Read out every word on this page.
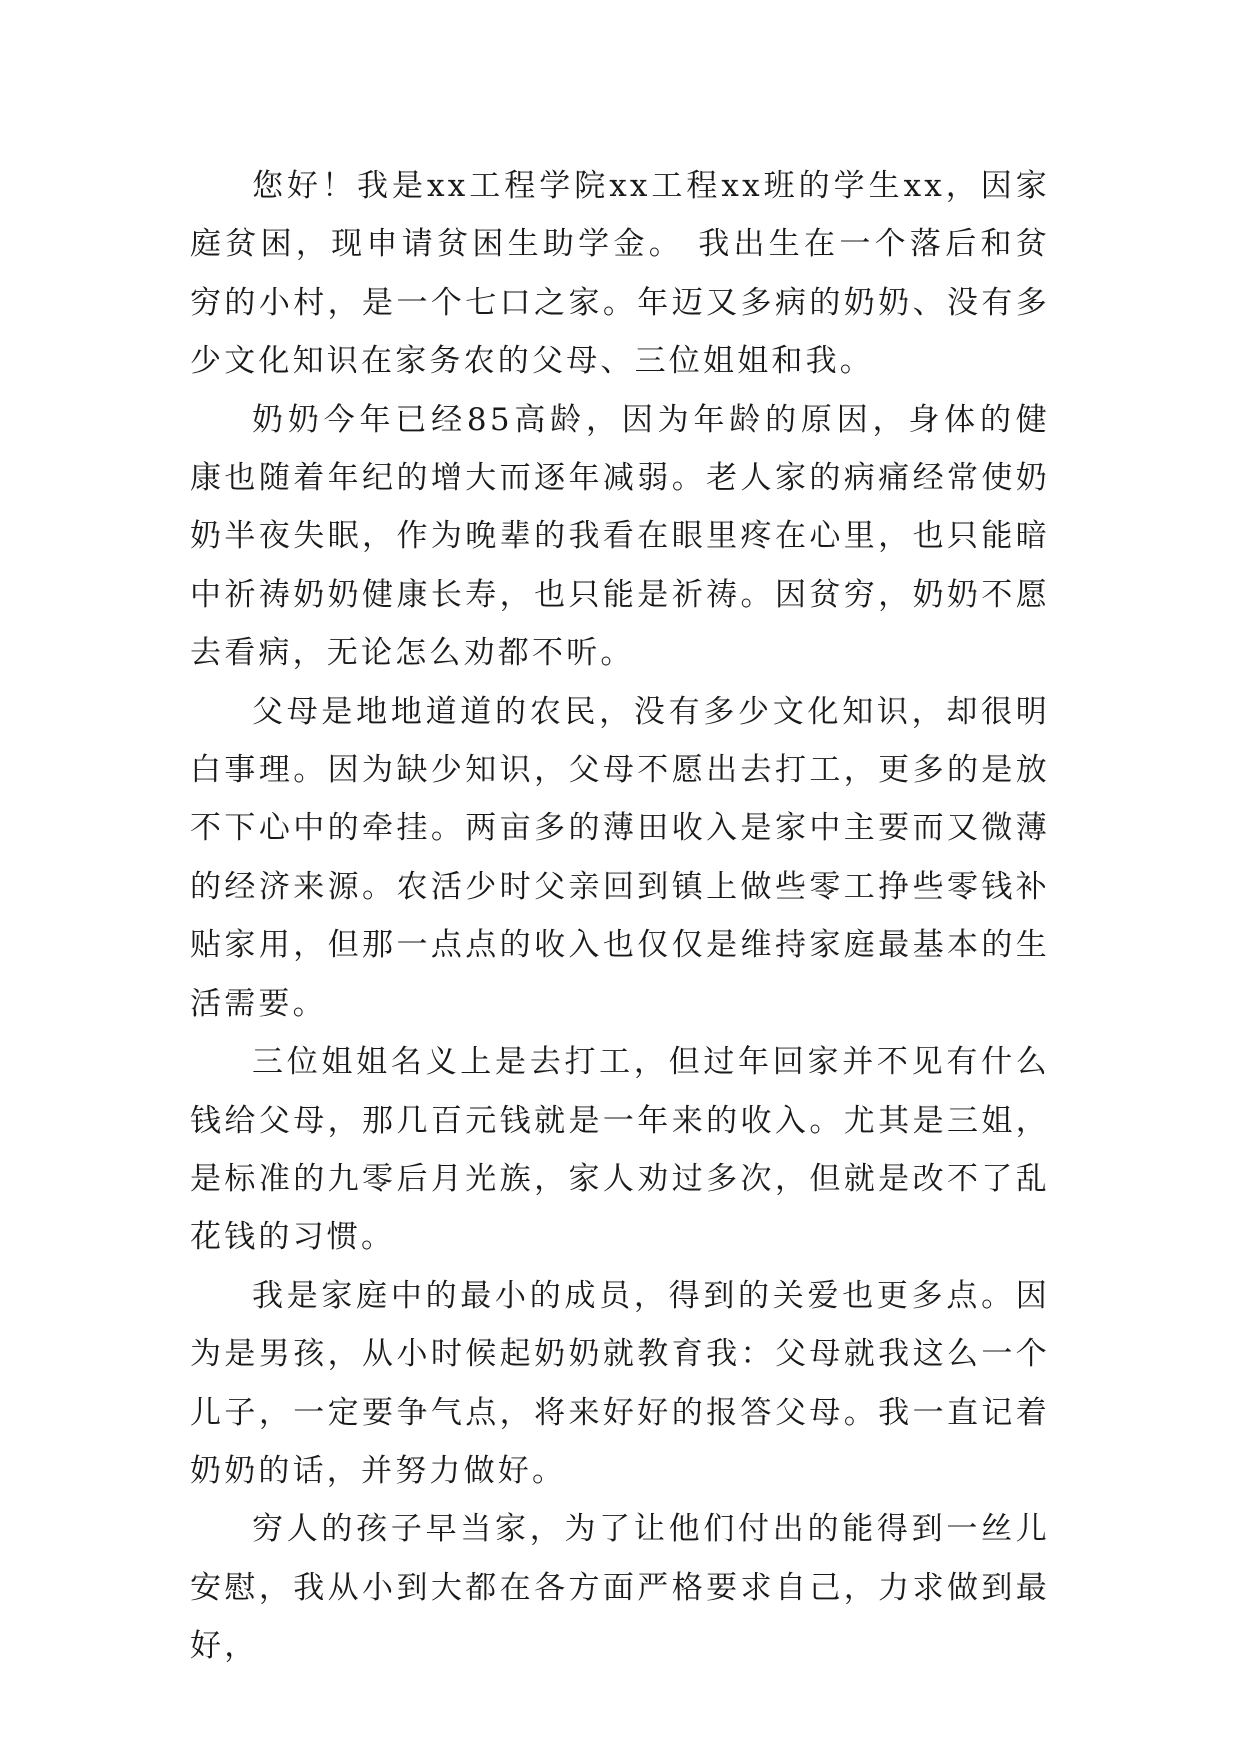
您好！我是xx工程学院xx工程xx班的学生xx，因家庭贫困，现申请贫困生助学金。 我出生在一个落后和贫穷的小村，是一个七口之家。年迈又多病的奶奶、没有多少文化知识在家务农的父母、三位姐姐和我。

奶奶今年已经85高龄，因为年龄的原因，身体的健康也随着年纪的增大而逐年减弱。老人家的病痛经常使奶奶半夜失眠，作为晚辈的我看在眼里疼在心里，也只能暗中祈祷奶奶健康长寿，也只能是祈祷。因贫穷，奶奶不愿去看病，无论怎么劝都不听。

父母是地地道道的农民，没有多少文化知识，却很明白事理。因为缺少知识，父母不愿出去打工，更多的是放不下心中的牵挂。两亩多的薄田收入是家中主要而又微薄的经济来源。农活少时父亲回到镇上做些零工挣些零钱补贴家用，但那一点点的收入也仅仅是维持家庭最基本的生活需要。

三位姐姐名义上是去打工，但过年回家并不见有什么钱给父母，那几百元钱就是一年来的收入。尤其是三姐，是标准的九零后月光族，家人劝过多次，但就是改不了乱花钱的习惯。

我是家庭中的最小的成员，得到的关爱也更多点。因为是男孩，从小时候起奶奶就教育我：父母就我这么一个儿子，一定要争气点，将来好好的报答父母。我一直记着奶奶的话，并努力做好。

穷人的孩子早当家，为了让他们付出的能得到一丝儿安慰，我从小到大都在各方面严格要求自己，力求做到最好，
